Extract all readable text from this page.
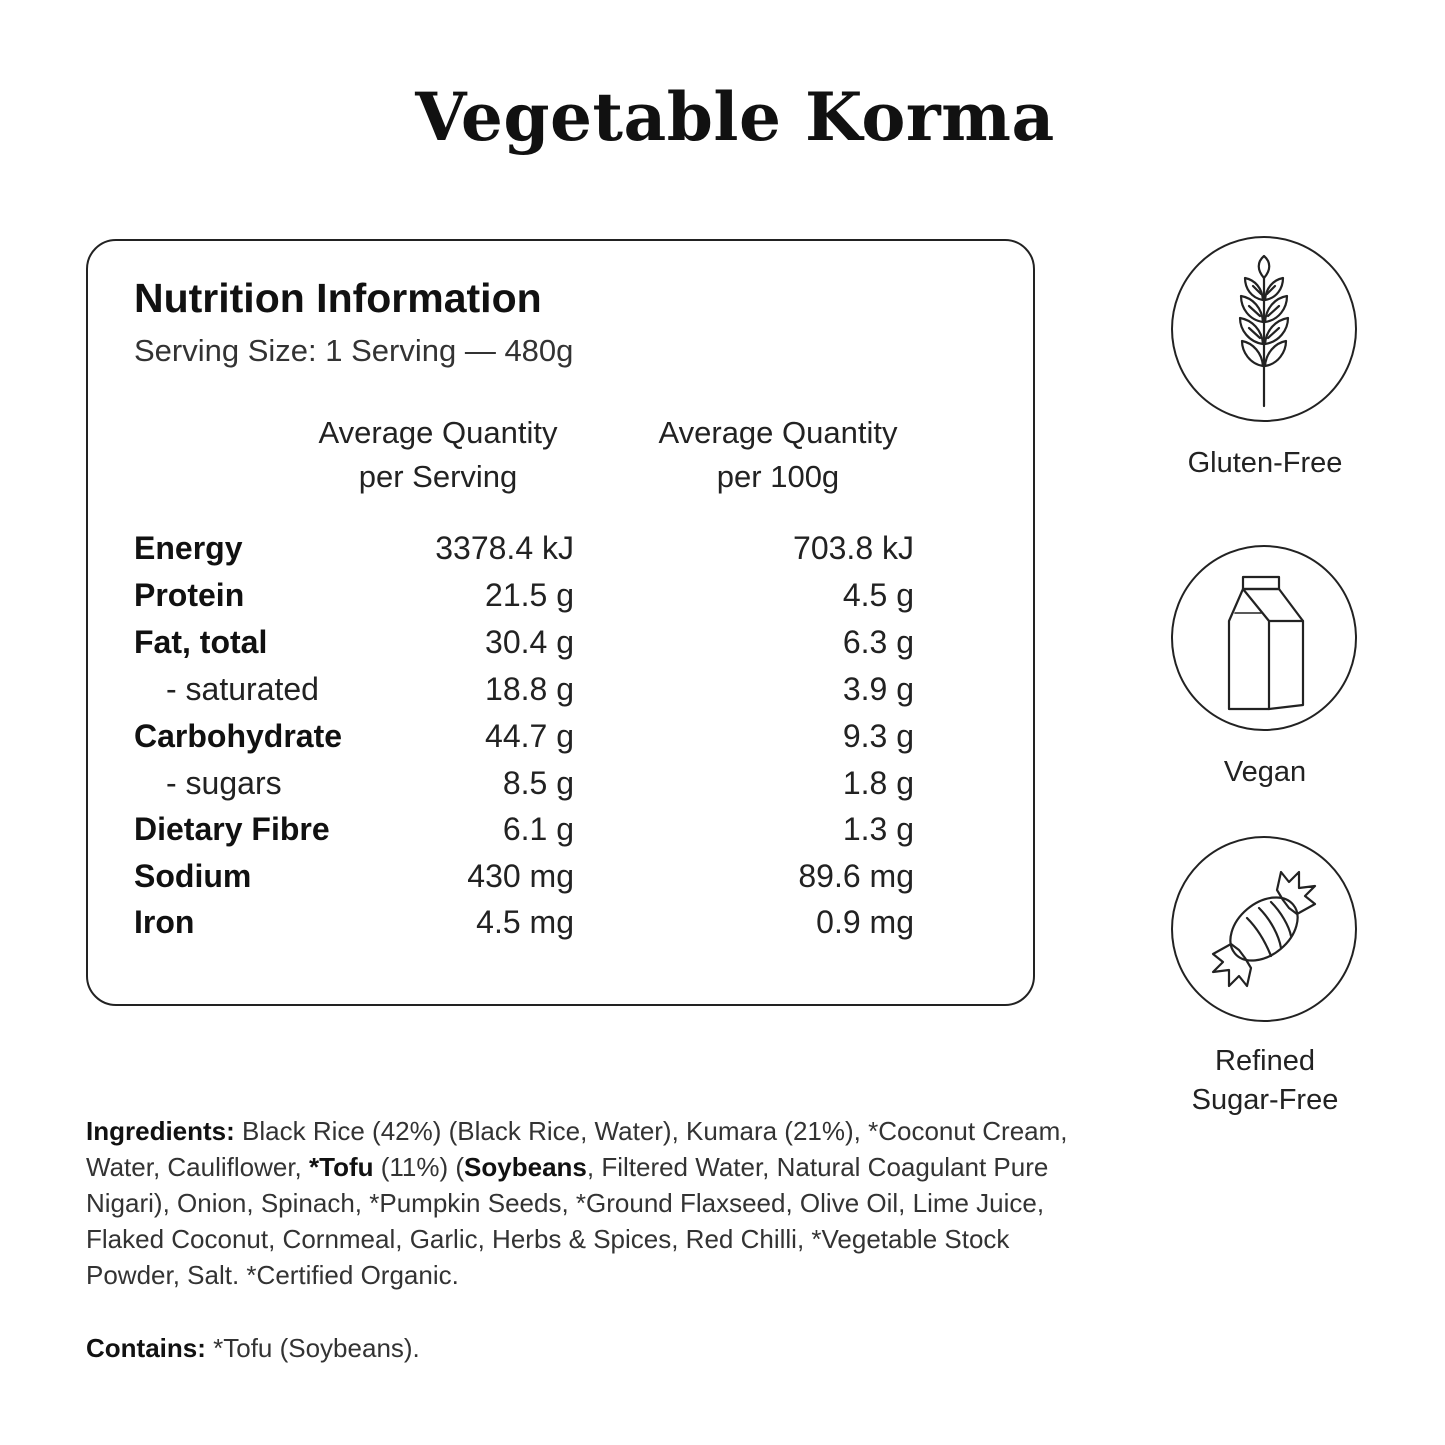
Vegetable Korma
Nutrition Information
Serving Size: 1 Serving — 480g
Average Quantity
per Serving
Average Quantity
per 100g
Energy	3378.4 kJ	703.8 kJ
Protein	21.5 g	4.5 g
Fat, total	30.4 g	6.3 g
- saturated	18.8 g	3.9 g
Carbohydrate	44.7 g	9.3 g
- sugars	8.5 g	1.8 g
Dietary Fibre	6.1 g	1.3 g
Sodium	430 mg	89.6 mg
Iron	4.5 mg	0.9 mg
Gluten-Free
Vegan
Refined
Sugar-Free
Ingredients: Black Rice (42%) (Black Rice, Water), Kumara (21%), *Coconut Cream, Water, Cauliflower, *Tofu (11%) (Soybeans, Filtered Water, Natural Coagulant Pure Nigari), Onion, Spinach, *Pumpkin Seeds, *Ground Flaxseed, Olive Oil, Lime Juice, Flaked Coconut, Cornmeal, Garlic, Herbs & Spices, Red Chilli, *Vegetable Stock Powder, Salt. *Certified Organic.
Contains: *Tofu (Soybeans).
